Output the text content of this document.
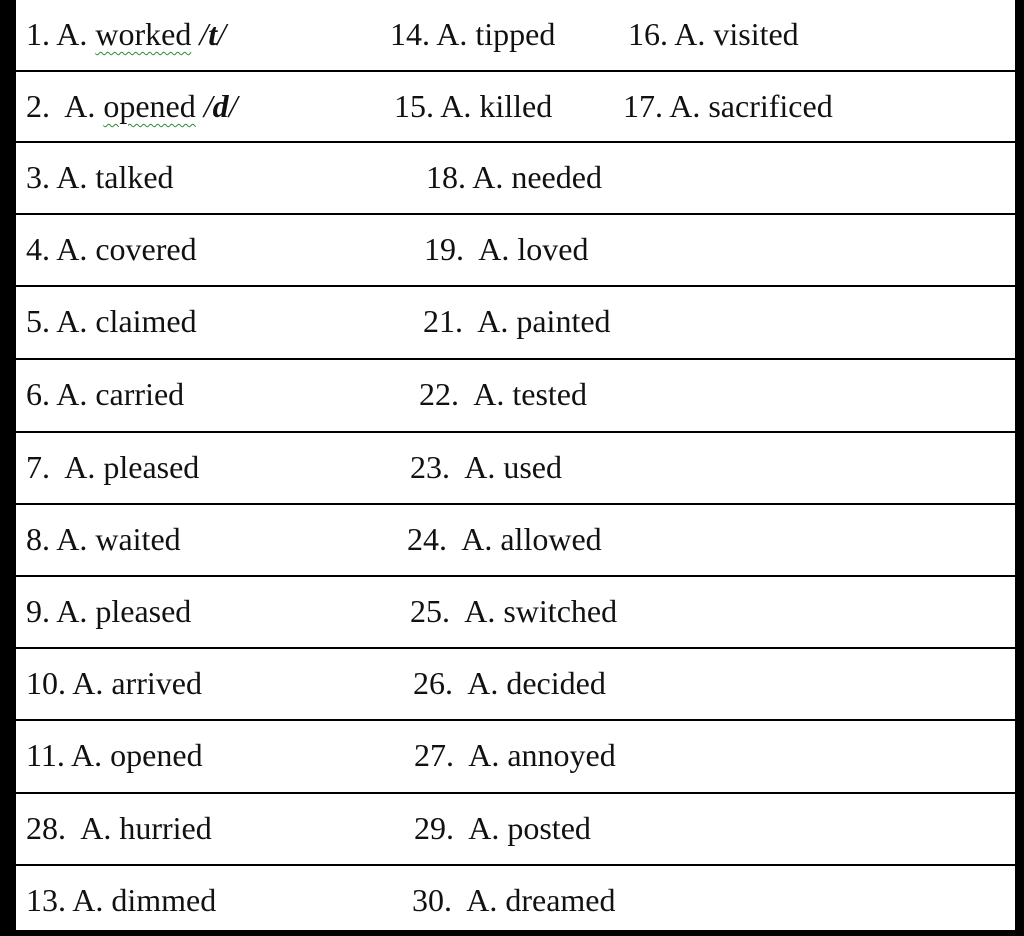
1. A. worked /t/	14. A. tipped 16. A. visited
2.  A. opened /d/	15. A. killed 17. A. sacrificed
3. A. talked	18. A. needed
4. A. covered	19.  A. loved
5. A. claimed	21.  A. painted
6. A. carried	22.  A. tested
7.  A. pleased	23.  A. used
8. A. waited	24.  A. allowed
9. A. pleased	25.  A. switched
10. A. arrived	26.  A. decided
11. A. opened	27.  A. annoyed
28.  A. hurried	29.  A. posted
13. A. dimmed	30.  A. dreamed
